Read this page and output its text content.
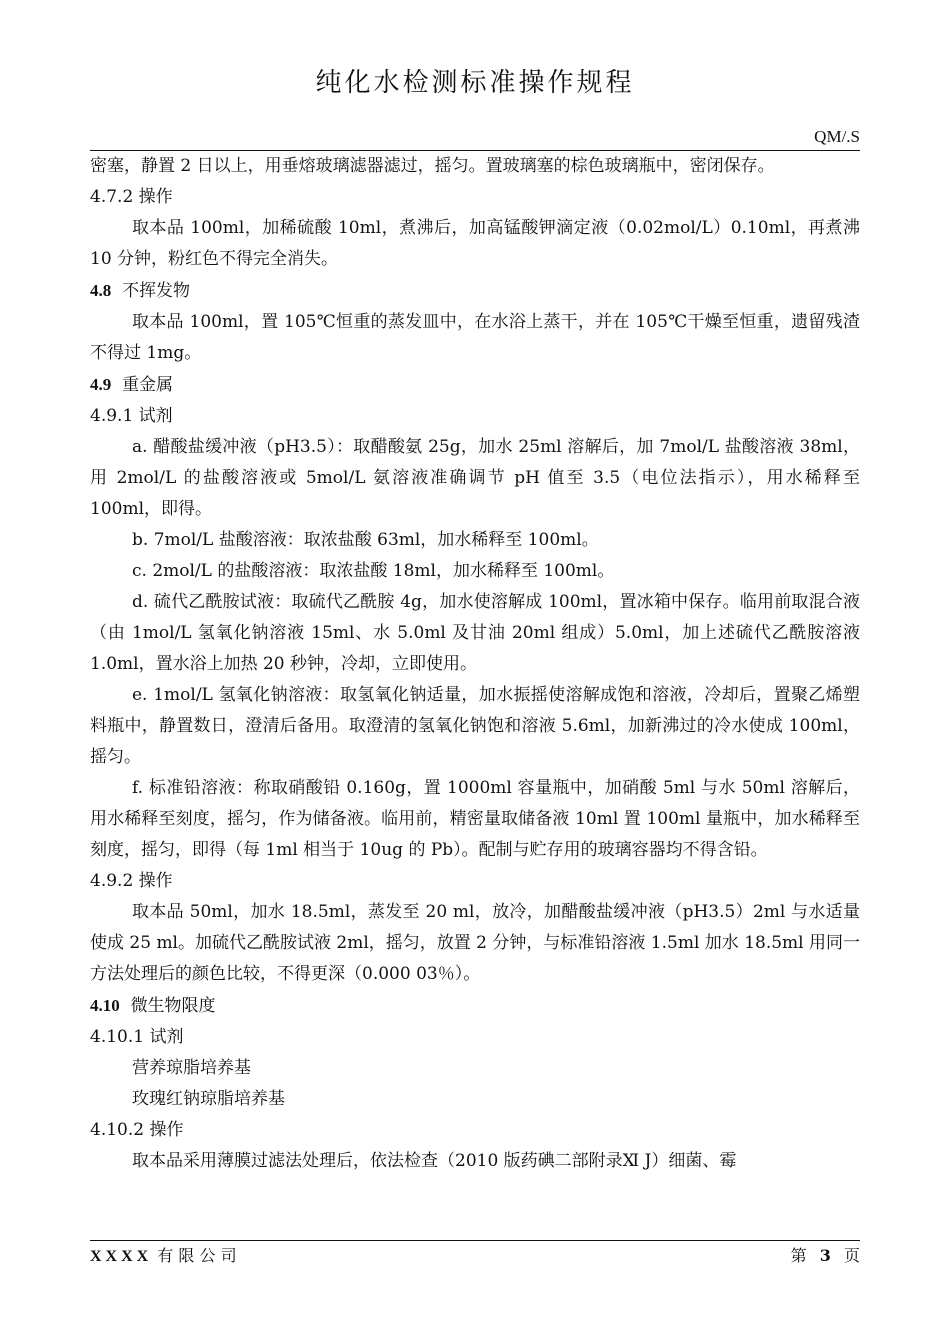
纯化水检测标准操作规程
QM/.S

密塞，静置 2 日以上，用垂熔玻璃滤器滤过，摇匀。置玻璃塞的棕色玻璃瓶中，密闭保存。

4.7.2 操作

取本品 100ml，加稀硫酸 10ml，煮沸后，加高锰酸钾滴定液（0.02mol/L）0.10ml，再煮沸 10 分钟，粉红色不得完全消失。

4.8 不挥发物

取本品 100ml，置 105℃恒重的蒸发皿中，在水浴上蒸干，并在 105℃干燥至恒重，遗留残渣不得过 1mg。

4.9 重金属

4.9.1 试剂

a. 醋酸盐缓冲液（pH3.5）：取醋酸氨 25g，加水 25ml 溶解后，加 7mol/L 盐酸溶液 38ml，用 2mol/L 的盐酸溶液或 5mol/L 氨溶液准确调节 pH 值至 3.5（电位法指示），用水稀释至 100ml，即得。

b. 7mol/L 盐酸溶液：取浓盐酸 63ml，加水稀释至 100ml。

c. 2mol/L 的盐酸溶液：取浓盐酸 18ml，加水稀释至 100ml。

d. 硫代乙酰胺试液：取硫代乙酰胺 4g，加水使溶解成 100ml，置冰箱中保存。临用前取混合液（由 1mol/L 氢氧化钠溶液 15ml、水 5.0ml 及甘油 20ml 组成）5.0ml，加上述硫代乙酰胺溶液 1.0ml，置水浴上加热 20 秒钟，冷却，立即使用。

e. 1mol/L 氢氧化钠溶液：取氢氧化钠适量，加水振摇使溶解成饱和溶液，冷却后，置聚乙烯塑料瓶中，静置数日，澄清后备用。取澄清的氢氧化钠饱和溶液 5.6ml，加新沸过的冷水使成 100ml，摇匀。

f. 标准铅溶液：称取硝酸铅 0.160g，置 1000ml 容量瓶中，加硝酸 5ml 与水 50ml 溶解后，用水稀释至刻度，摇匀，作为储备液。临用前，精密量取储备液 10ml 置 100ml 量瓶中，加水稀释至刻度，摇匀，即得（每 1ml 相当于 10ug 的 Pb）。配制与贮存用的玻璃容器均不得含铅。

4.9.2 操作

取本品 50ml，加水 18.5ml，蒸发至 20 ml，放冷，加醋酸盐缓冲液（pH3.5）2ml 与水适量使成 25 ml。加硫代乙酰胺试液 2ml，摇匀，放置 2 分钟，与标准铅溶液 1.5ml 加水 18.5ml 用同一方法处理后的颜色比较，不得更深（0.000 03％）。

4.10 微生物限度

4.10.1 试剂

营养琼脂培养基

玫瑰红钠琼脂培养基

4.10.2 操作

取本品采用薄膜过滤法处理后，依法检查（2010 版药碘二部附录Ⅺ J）细菌、霉

XXXX 有 限 公 司	第 3 页
